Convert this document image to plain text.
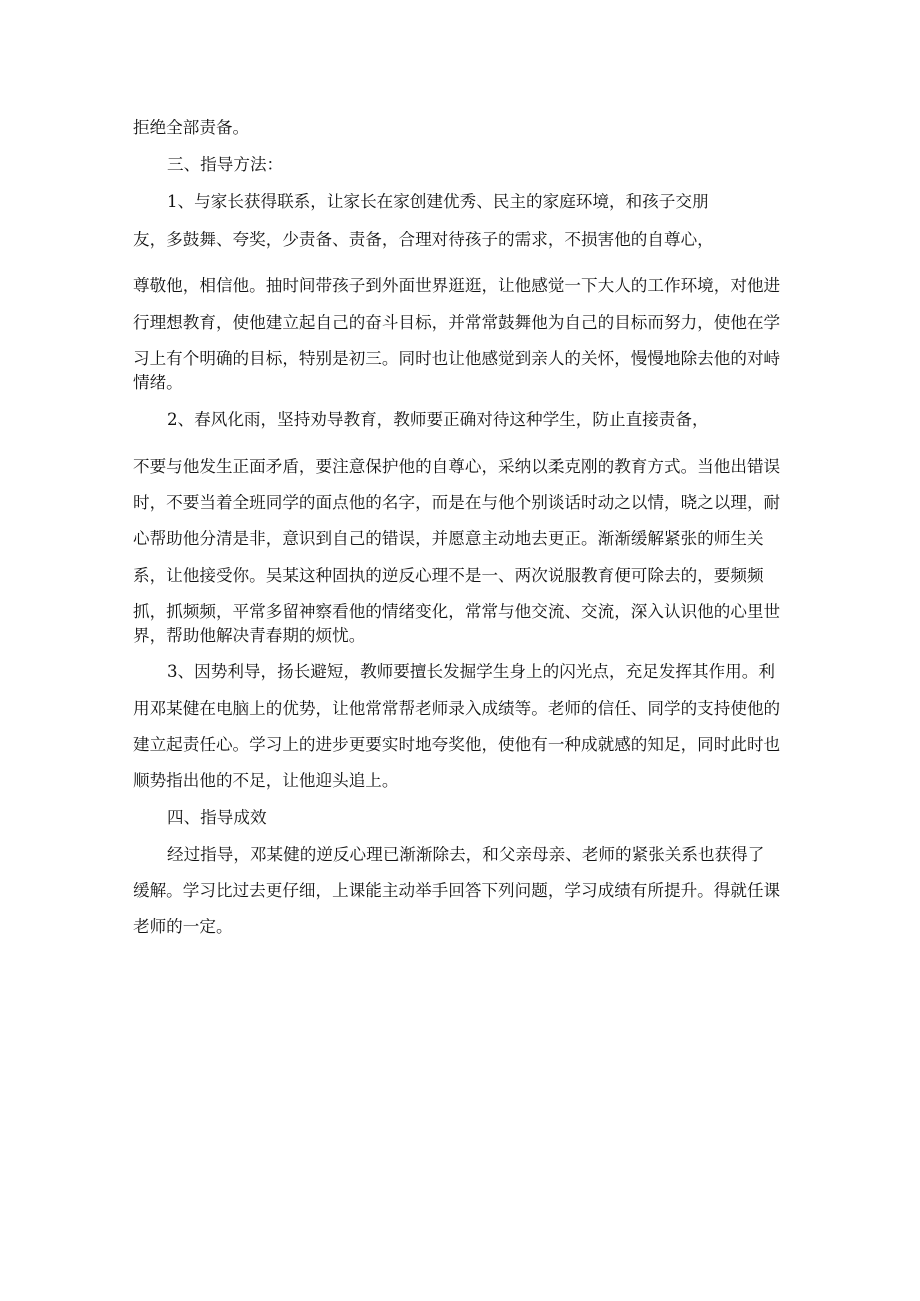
拒绝全部责备。
三、指导方法：
1、与家长获得联系，让家长在家创建优秀、民主的家庭环境，和孩子交朋
友，多鼓舞、夸奖，少责备、责备，合理对待孩子的需求，不损害他的自尊心，
尊敬他，相信他。抽时间带孩子到外面世界逛逛，让他感觉一下大人的工作环境，对他进
行理想教育，使他建立起自己的奋斗目标，并常常鼓舞他为自己的目标而努力，使他在学
习上有个明确的目标，特别是初三。同时也让他感觉到亲人的关怀，慢慢地除去他的对峙
情绪。
2、春风化雨，坚持劝导教育，教师要正确对待这种学生，防止直接责备，
不要与他发生正面矛盾，要注意保护他的自尊心，采纳以柔克刚的教育方式。当他出错误
时，不要当着全班同学的面点他的名字，而是在与他个别谈话时动之以情，晓之以理，耐
心帮助他分清是非，意识到自己的错误，并愿意主动地去更正。渐渐缓解紧张的师生关
系，让他接受你。吴某这种固执的逆反心理不是一、两次说服教育便可除去的，要频频
抓，抓频频，平常多留神察看他的情绪变化，常常与他交流、交流，深入认识他的心里世
界，帮助他解决青春期的烦忧。
3、因势利导，扬长避短，教师要擅长发掘学生身上的闪光点，充足发挥其作用。利
用邓某健在电脑上的优势，让他常常帮老师录入成绩等。老师的信任、同学的支持使他的
建立起责任心。学习上的进步更要实时地夸奖他，使他有一种成就感的知足，同时此时也
顺势指出他的不足，让他迎头追上。
四、指导成效
经过指导，邓某健的逆反心理已渐渐除去，和父亲母亲、老师的紧张关系也获得了
缓解。学习比过去更仔细，上课能主动举手回答下列问题，学习成绩有所提升。得就任课
老师的一定。
